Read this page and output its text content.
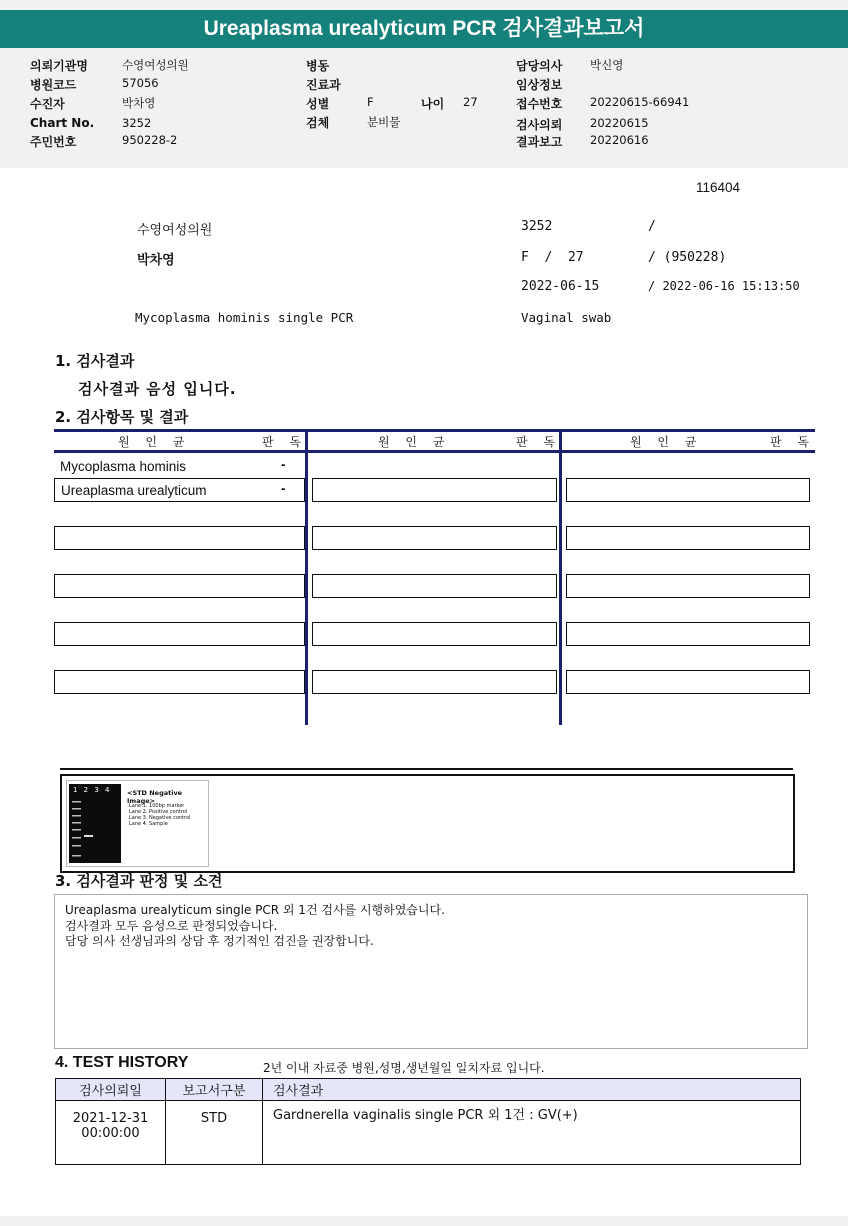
Ureaplasma urealyticum PCR 검사결과보고서
의뢰기관명	수영여성의원
병원코드	57056
수진자	박차영
Chart No. 3252
주민번호	950228-2
병동
진료과
성별	F	나이 27
검체	분비물
담당의사 박신영
임상정보
접수번호 20220615-66941
검사의뢰 20220615
결과보고 20220616
116404
수영여성의원	3252	/
박차영	F  /  27	/ (950228)
2022-06-15	/ 2022-06-16 15:13:50
Mycoplasma hominis single PCR	Vaginal swab
1. 검사결과
검사결과 음성 입니다.
2. 검사항목 및 결과
원 인 균	판 독	원 인 균	판 독	원 인 균	판 독
Mycoplasma hominis	-
Ureaplasma urealyticum	-
1 2 3 4 <STD Negative Image>
Lane 1. 100bp marker
Lane 2. Positive control
Lane 3. Negative control
Lane 4. Sample
3. 검사결과 판정 및 소견
Ureaplasma urealyticum single PCR 외 1건 검사를 시행하였습니다.
검사결과 모두 음성으로 판정되었습니다.
담당 의사 선생님과의 상담 후 정기적인 검진을 권장합니다.
4. TEST HISTORY	2년 이내 자료중 병원,성명,생년월일 일치자료 입니다.
검사의뢰일	보고서구분	검사결과

2021-12-31
00:00:00	STD	Gardnerella vaginalis single PCR 외 1건 : GV(+)
